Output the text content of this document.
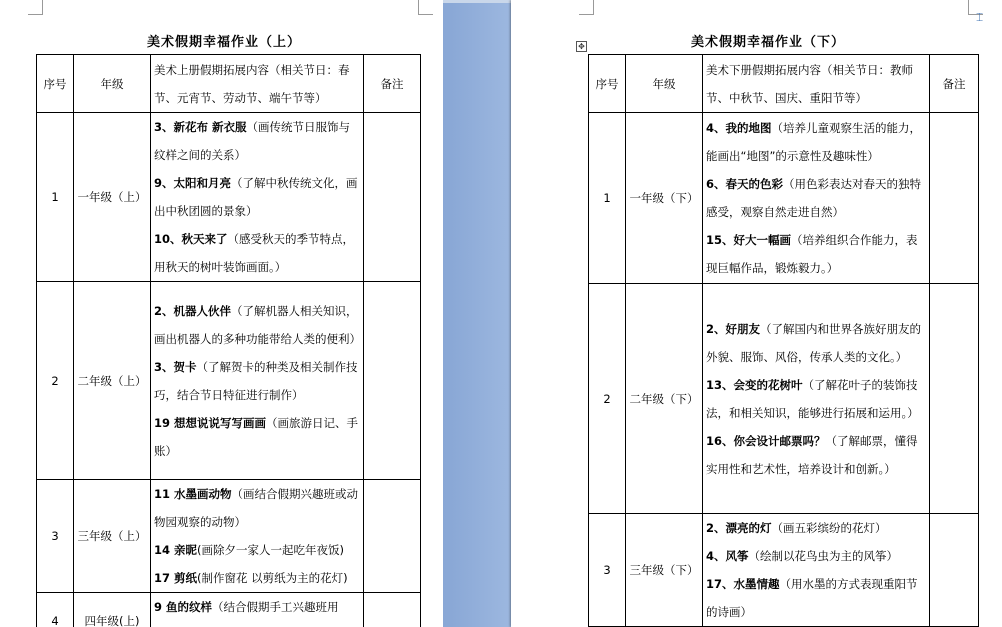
美术假期幸福作业（上）
序号	年级	美术上册假期拓展内容（相关节日：春节、元宵节、劳动节、端午节等）	备注
1	一年级（上）	3、新花布 新衣服（画传统节日服饰与纹样之间的关系）
9、太阳和月亮（了解中秋传统文化，画出中秋团圆的景象）
10、秋天来了（感受秋天的季节特点，用秋天的树叶装饰画面。）	

2	二年级（上）	2、机器人伙伴（了解机器人相关知识，画出机器人的多种功能带给人类的便利）
3、贺卡（了解贺卡的种类及相关制作技巧，结合节日特征进行制作）
19 想想说说写写画画（画旅游日记、手账）	

3	三年级（上）	11 水墨画动物（画结合假期兴趣班或动物园观察的动物）
14 亲昵(画除夕一家人一起吃年夜饭)
17 剪纸(制作窗花 以剪纸为主的花灯)	

4	四年级(上)	9 鱼的纹样（结合假期手工兴趣班用	

美术假期幸福作业（下）
序号	年级	美术下册假期拓展内容（相关节日：教师节、中秋节、国庆、重阳节等）	备注
1	一年级（下）	4、我的地图（培养儿童观察生活的能力，能画出“地图”的示意性及趣味性）
6、春天的色彩（用色彩表达对春天的独特感受，观察自然走进自然）
15、好大一幅画（培养组织合作能力，表现巨幅作品，锻炼毅力。）	

2	二年级（下）	2、好朋友（了解国内和世界各族好朋友的外貌、服饰、风俗，传承人类的文化。）
13、会变的花树叶（了解花叶子的装饰技法，和相关知识，能够进行拓展和运用。）
16、你会设计邮票吗？（了解邮票，懂得实用性和艺术性，培养设计和创新。）	

3	三年级（下）	2、漂亮的灯（画五彩缤纷的花灯）
4、风筝（绘制以花鸟虫为主的风筝）
17、水墨情趣（用水墨的方式表现重阳节的诗画）	

✥
⌶
